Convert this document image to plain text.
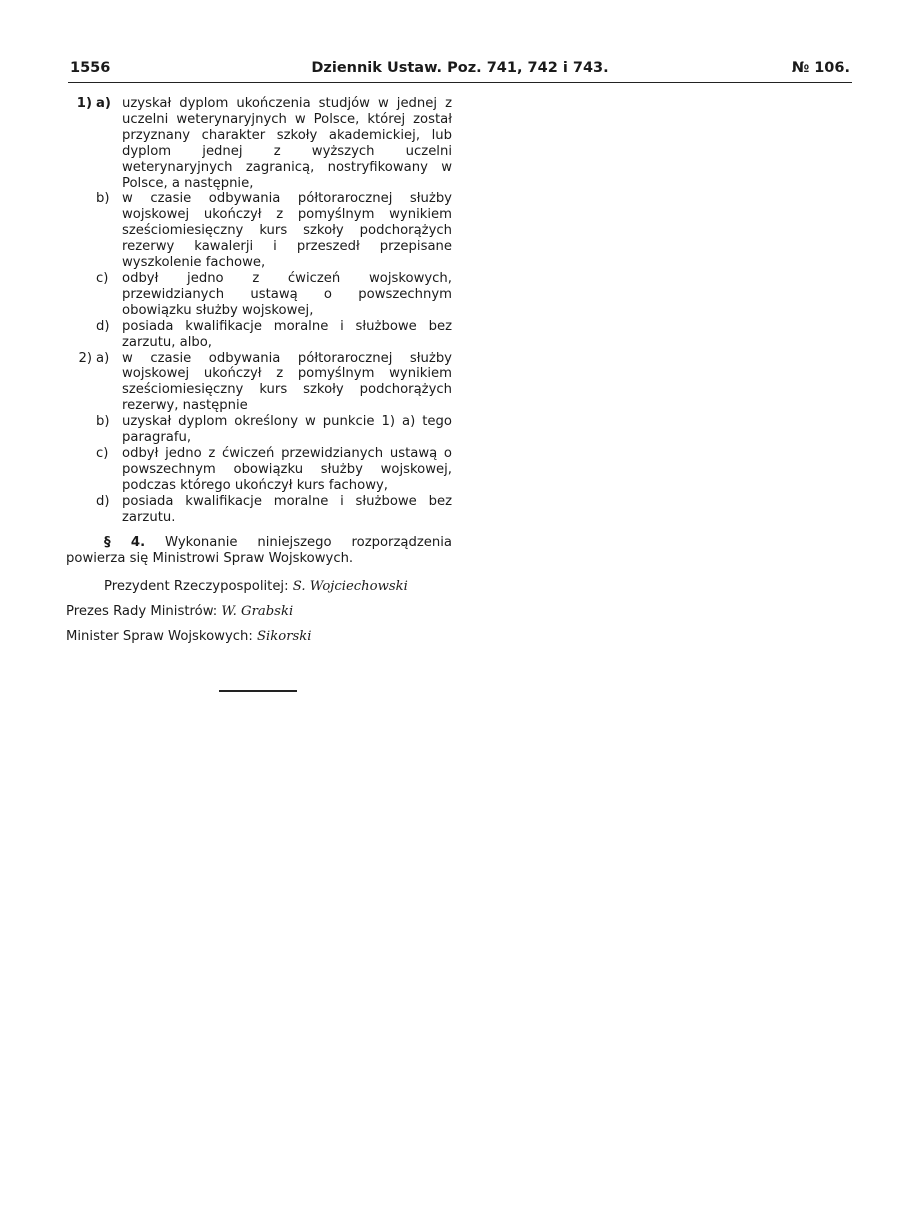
1556	Dziennik Ustaw. Poz. 741, 742 i 743.	№ 106.
1) a) uzyskał dyplom ukończenia studjów w jednej z uczelni weterynaryjnych w Polsce, której został przyznany charakter szkoły akademickiej, lub dyplom jednej z wyższych uczelni weterynaryjnych zagranicą, nostryfikowany w Polsce, a następnie,
b) w czasie odbywania półtorarocznej służby wojskowej ukończył z pomyślnym wynikiem sześciomiesięczny kurs szkoły podchorążych rezerwy kawalerji i przeszedł przepisane wyszkolenie fachowe,
c)	odbył jedno z ćwiczeń wojskowych, przewidzianych ustawą o powszechnym obowiązku służby wojskowej,
d) posiada kwalifikacje moralne i służbowe bez zarzutu, albo,
2) a) w czasie odbywania półtorarocznej służby wojskowej ukończył z pomyślnym wynikiem sześciomiesięczny kurs szkoły podchorążych rezerwy, następnie
b) uzyskał dyplom określony w punkcie 1) a) tego paragrafu,
c)	odbył jedno z ćwiczeń przewidzianych ustawą o powszechnym obowiązku służby wojskowej, podczas którego ukończył kurs fachowy,
d) posiada kwalifikacje moralne i służbowe bez zarzutu.
§ 4. Wykonanie niniejszego rozporządzenia powierza się Ministrowi Spraw Wojskowych.
Prezydent Rzeczypospolitej: S. Wojciechowski
Prezes Rady Ministrów: W. Grabski
Minister Spraw Wojskowych: Sikorski
